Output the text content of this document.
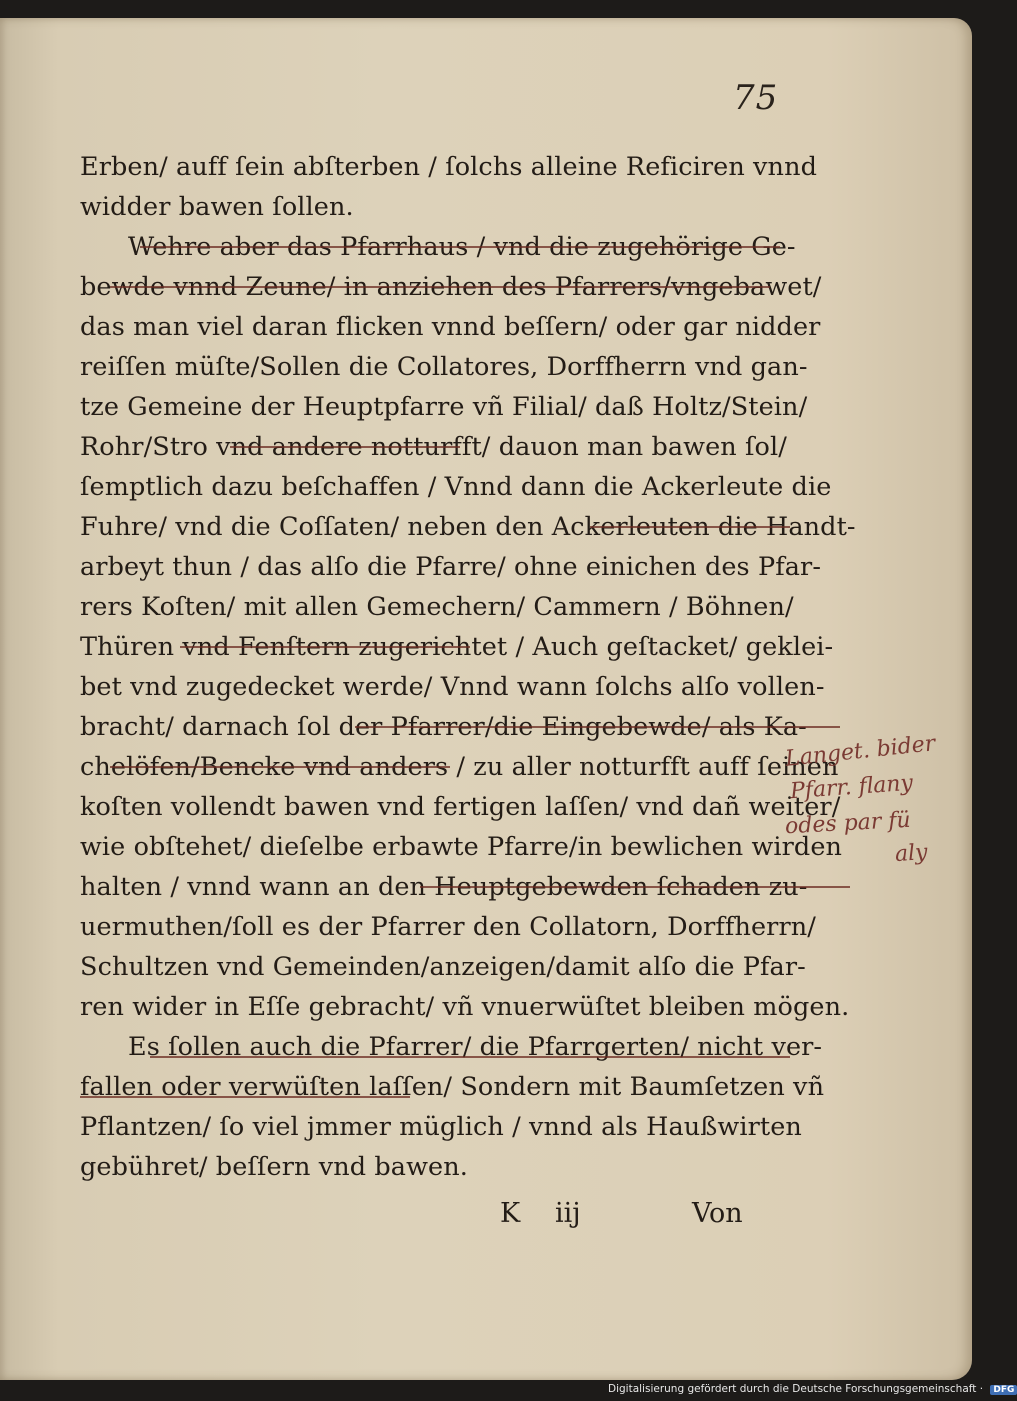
75
Erben/ auff ſein abſterben / ſolchs alleine Reficiren vnnd
widder bawen ſollen.
Wehre aber das Pfarrhaus / vnd die zugehörige Ge-
bewde vnnd Zeune/ in anziehen des Pfarrers/vngebawet/
das man viel daran flicken vnnd beſſern/ oder gar nidder
reiſſen müſte/Sollen die Collatores, Dorffherrn vnd gan-
tze Gemeine der Heuptpfarre vñ Filial/ daß Holtz/Stein/
Rohr/Stro vnd andere notturfft/ dauon man bawen ſol/
ſemptlich dazu beſchaffen / Vnnd dann die Ackerleute die
Fuhre/ vnd die Coſſaten/ neben den Ackerleuten die Handt-
arbeyt thun / das alſo die Pfarre/ ohne einichen des Pfar-
rers Koſten/ mit allen Gemechern/ Cammern / Böhnen/
Thüren vnd Fenſtern zugerichtet / Auch geſtacket/ geklei-
bet vnd zugedecket werde/ Vnnd wann ſolchs alſo vollen-
bracht/ darnach ſol der Pfarrer/die Eingebewde/ als Ka-
chelöfen/Bencke vnd anders / zu aller notturfft auff ſeinen
koſten vollendt bawen vnd fertigen laſſen/ vnd dañ weiter/
wie obſtehet/ dieſelbe erbawte Pfarre/in bewlichen wirden
halten / vnnd wann an den Heuptgebewden ſchaden zu-
uermuthen/ſoll es der Pfarrer den Collatorn, Dorffherrn/
Schultzen vnd Gemeinden/anzeigen/damit alſo die Pfar-
ren wider in Eſſe gebracht/ vñ vnuerwüſtet bleiben mögen.
Es ſollen auch die Pfarrer/ die Pfarrgerten/ nicht ver-
fallen oder verwüſten laſſen/ Sondern mit Baumſetzen vñ
Pflantzen/ ſo viel jmmer müglich / vnnd als Haußwirten
gebühret/ beſſern vnd bawen.
Langet. bider
Pfarr. flany
odes par fü
aly
K iij	Von
Digitalisierung gefördert durch die Deutsche Forschungsgemeinschaft · DFG
